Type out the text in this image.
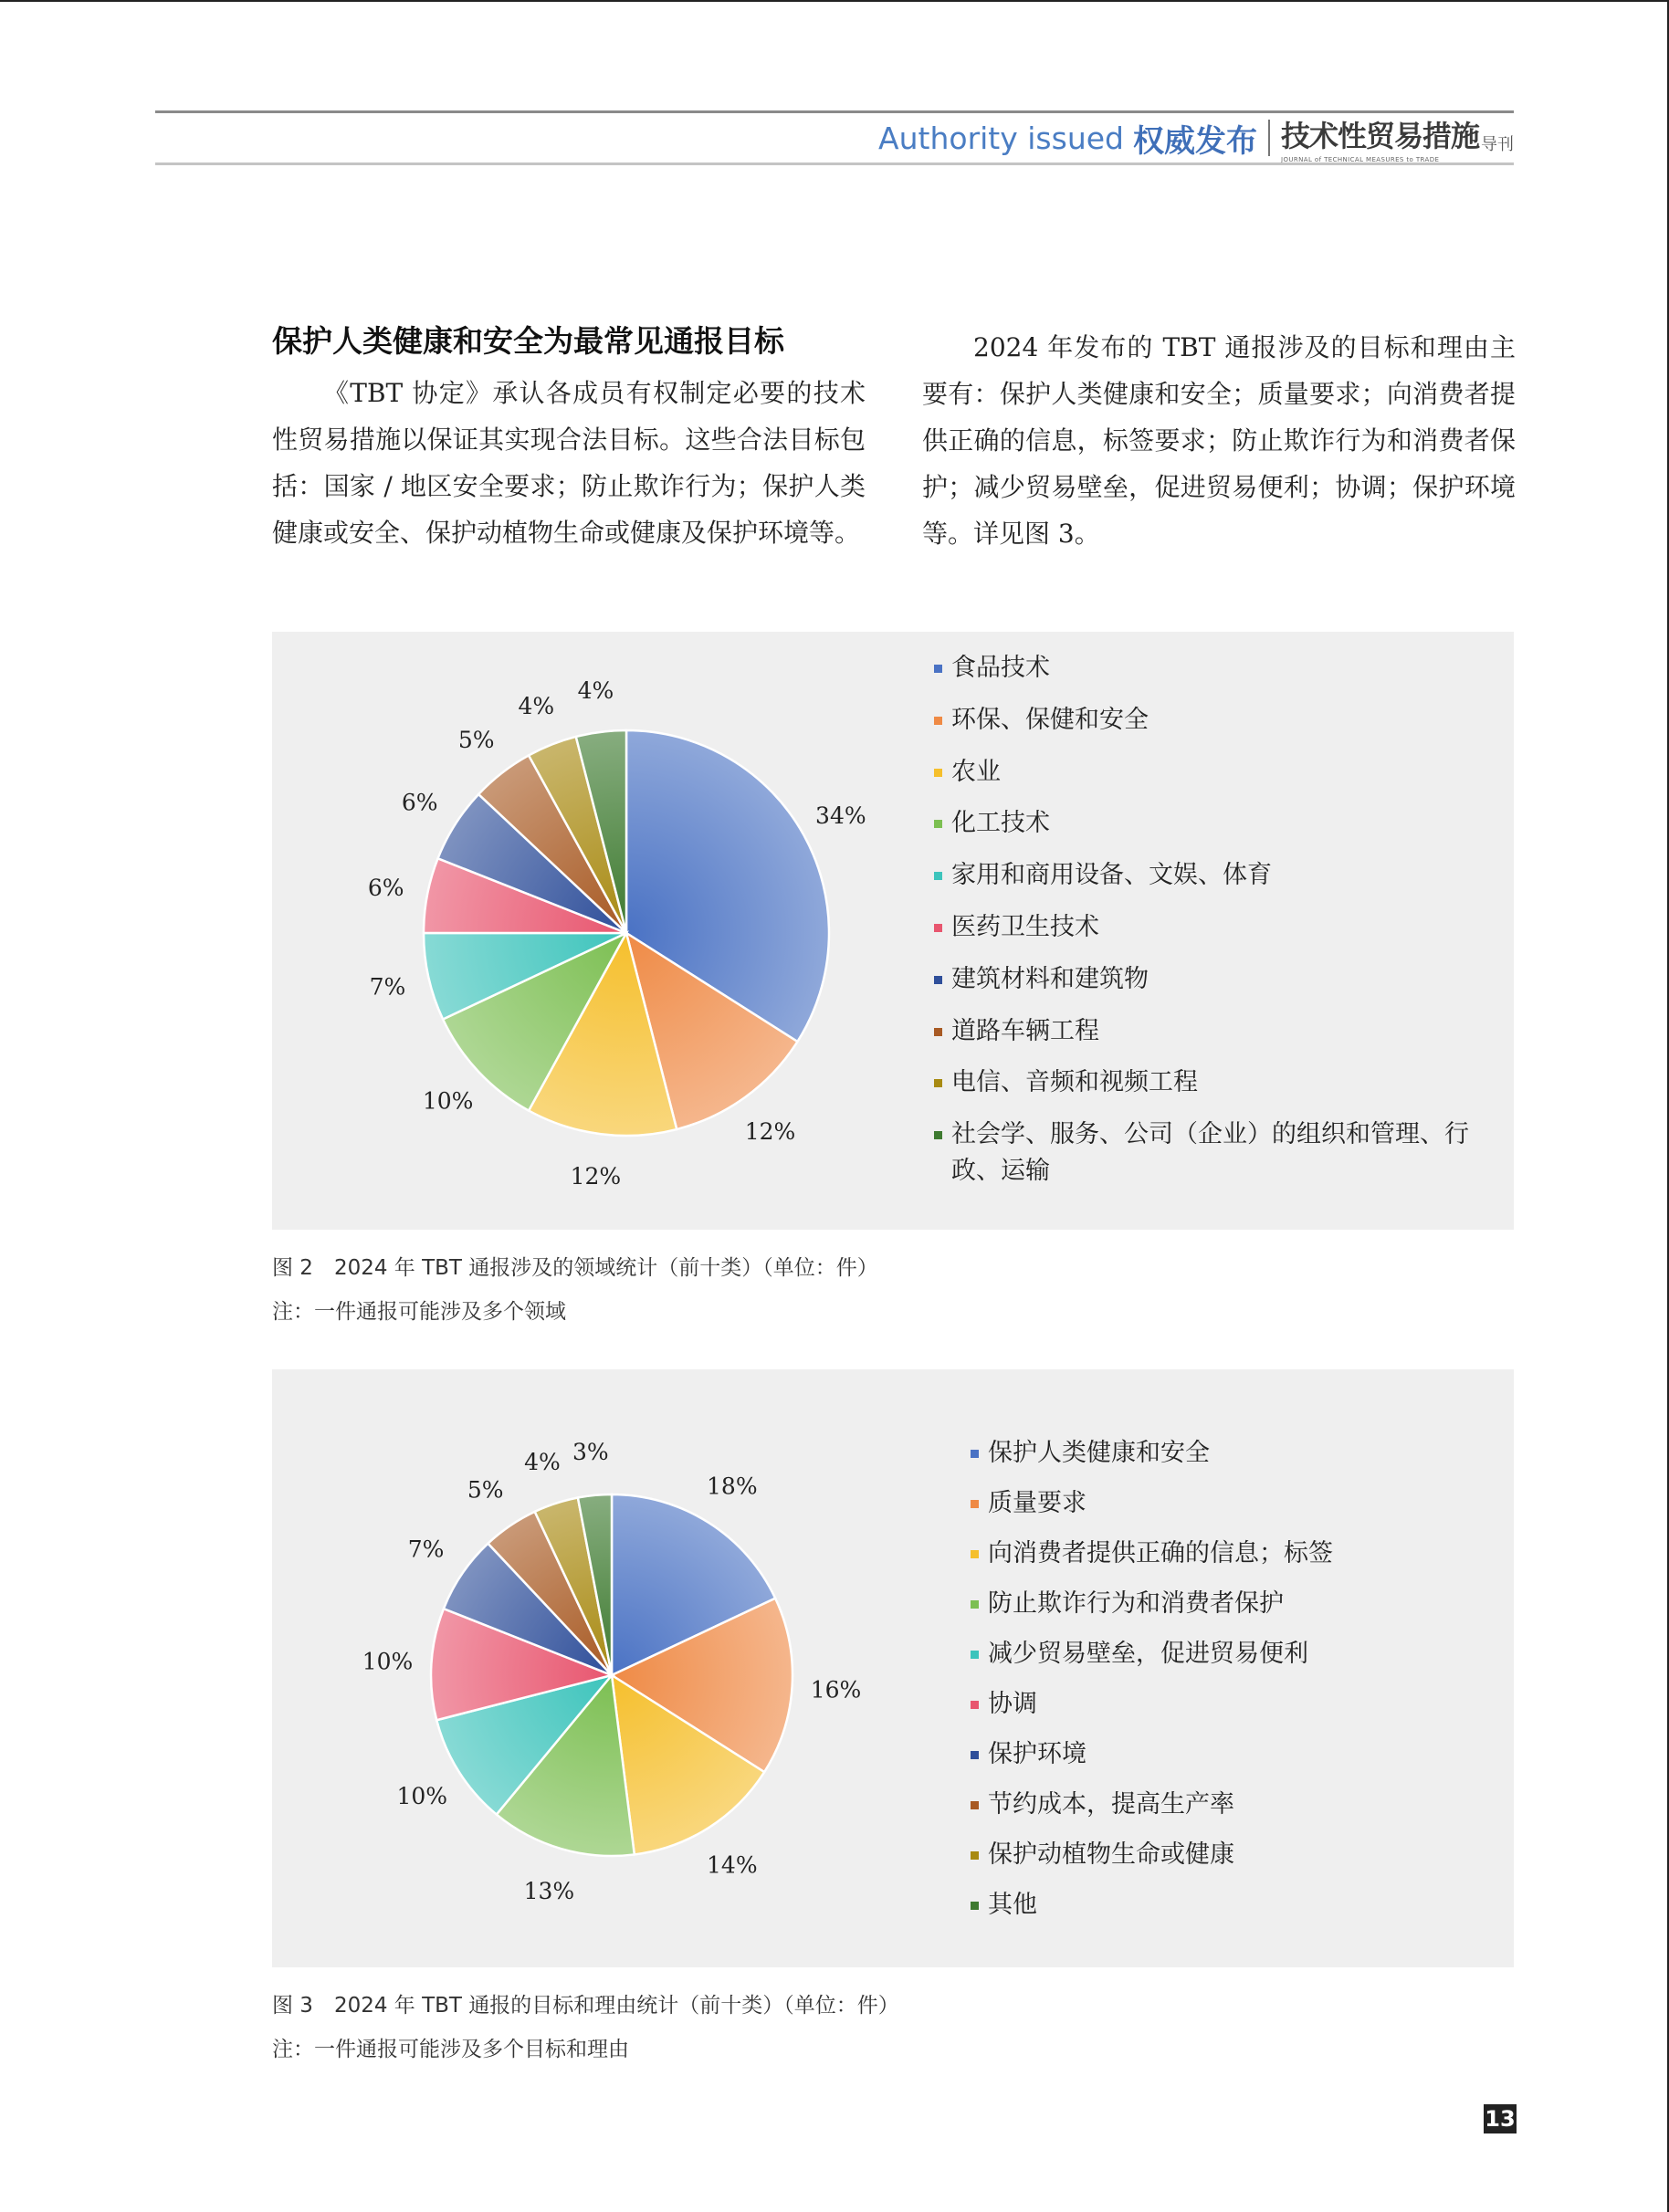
Authority issued 权威发布 技术性贸易措施 导刊
JOURNAL of TECHNICAL MEASURES to TRADE
保护人类健康和安全为最常见通报目标

《TBT 协定》承认各成员有权制定必要的技术性贸易措施以保证其实现合法目标。这些合法目标包括：国家 / 地区安全要求；防止欺诈行为；保护人类健康或安全、保护动植物生命或健康及保护环境等。

2024 年发布的 TBT 通报涉及的目标和理由主要有：保护人类健康和安全；质量要求；向消费者提供正确的信息，标签要求；防止欺诈行为和消费者保护；减少贸易壁垒，促进贸易便利；协调；保护环境等。详见图 3。

34%
12%
12%
10%
7%
6%
6%
5%
4%
4%
食品技术
环保、保健和安全
农业
化工技术
家用和商用设备、文娱、体育
医药卫生技术
建筑材料和建筑物
道路车辆工程
电信、音频和视频工程
社会学、服务、公司（企业）的组织和管理、行政、运输
图 2　2024 年 TBT 通报涉及的领域统计（前十类）（单位：件）
注：一件通报可能涉及多个领域
18%
16%
14%
13%
10%
10%
7%
5%
4% 3%	保护人类健康和安全
质量要求
向消费者提供正确的信息；标签
防止欺诈行为和消费者保护
减少贸易壁垒，促进贸易便利
协调
保护环境
节约成本，提高生产率
保护动植物生命或健康
其他
图 3　2024 年 TBT 通报的目标和理由统计（前十类）（单位：件）
注：一件通报可能涉及多个目标和理由
13
